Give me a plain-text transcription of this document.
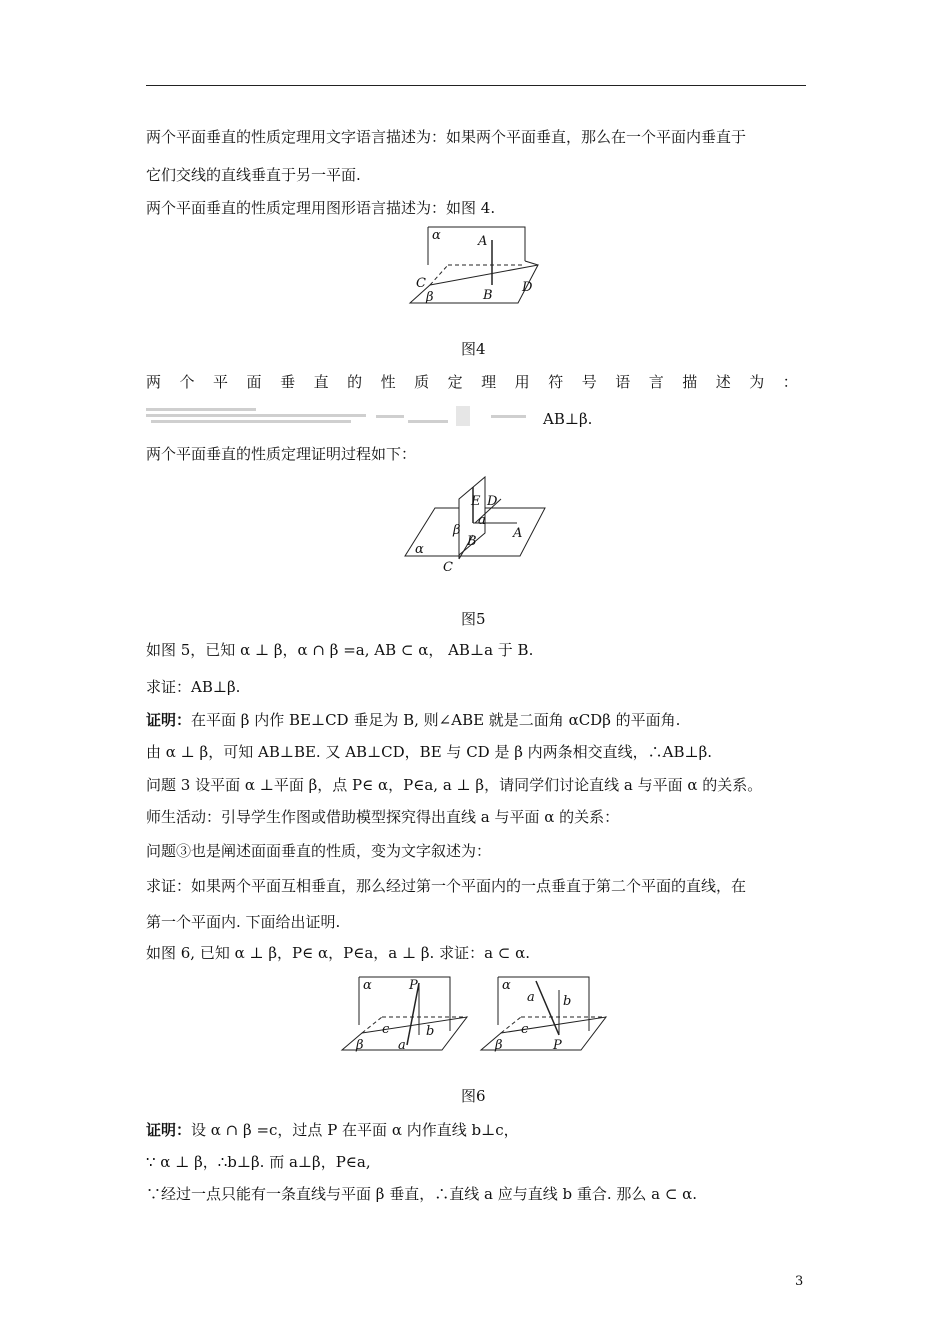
两个平面垂直的性质定理用文字语言描述为：如果两个平面垂直，那么在一个平面内垂直于
它们交线的直线垂直于另一平面.
两个平面垂直的性质定理用图形语言描述为：如图 4.
α	A
C
β	B
D
图4
两 个 平 面 垂 直 的 性 质 定 理 用 符 号 语 言 描 述 为 ：
AB⊥β.
两个平面垂直的性质定理证明过程如下：
E D
β
a
A
B
α
C
图5
如图 5，已知 α ⊥ β，α ∩ β =a, AB ⊂ α， AB⊥a 于 B.
求证：AB⊥β.
证明：在平面 β 内作 BE⊥CD 垂足为 B, 则∠ABE 就是二面角 αCDβ 的平面角.
由 α ⊥ β，可知 AB⊥BE. 又 AB⊥CD，BE 与 CD 是 β 内两条相交直线，∴AB⊥β.
问题 3 设平面 α ⊥平面 β，点 P∈ α，P∈a, a ⊥ β，请同学们讨论直线 a 与平面 α 的关系。
师生活动：引导学生作图或借助模型探究得出直线 a 与平面 α 的关系：
问题③也是阐述面面垂直的性质，变为文字叙述为：
求证：如果两个平面互相垂直，那么经过第一个平面内的一点垂直于第二个平面的直线，在
第一个平面内. 下面给出证明.
如图 6, 已知 α ⊥ β，P∈ α，P∈a，a ⊥ β. 求证：a ⊂ α.
α	P
c	b
β	a
α
a b
c
β	P
图6
证明：设 α ∩ β =c，过点 P 在平面 α 内作直线 b⊥c，
∵ α ⊥ β，∴b⊥β. 而 a⊥β，P∈a,
∵经过一点只能有一条直线与平面 β 垂直，∴直线 a 应与直线 b 重合. 那么 a ⊂ α.
3
